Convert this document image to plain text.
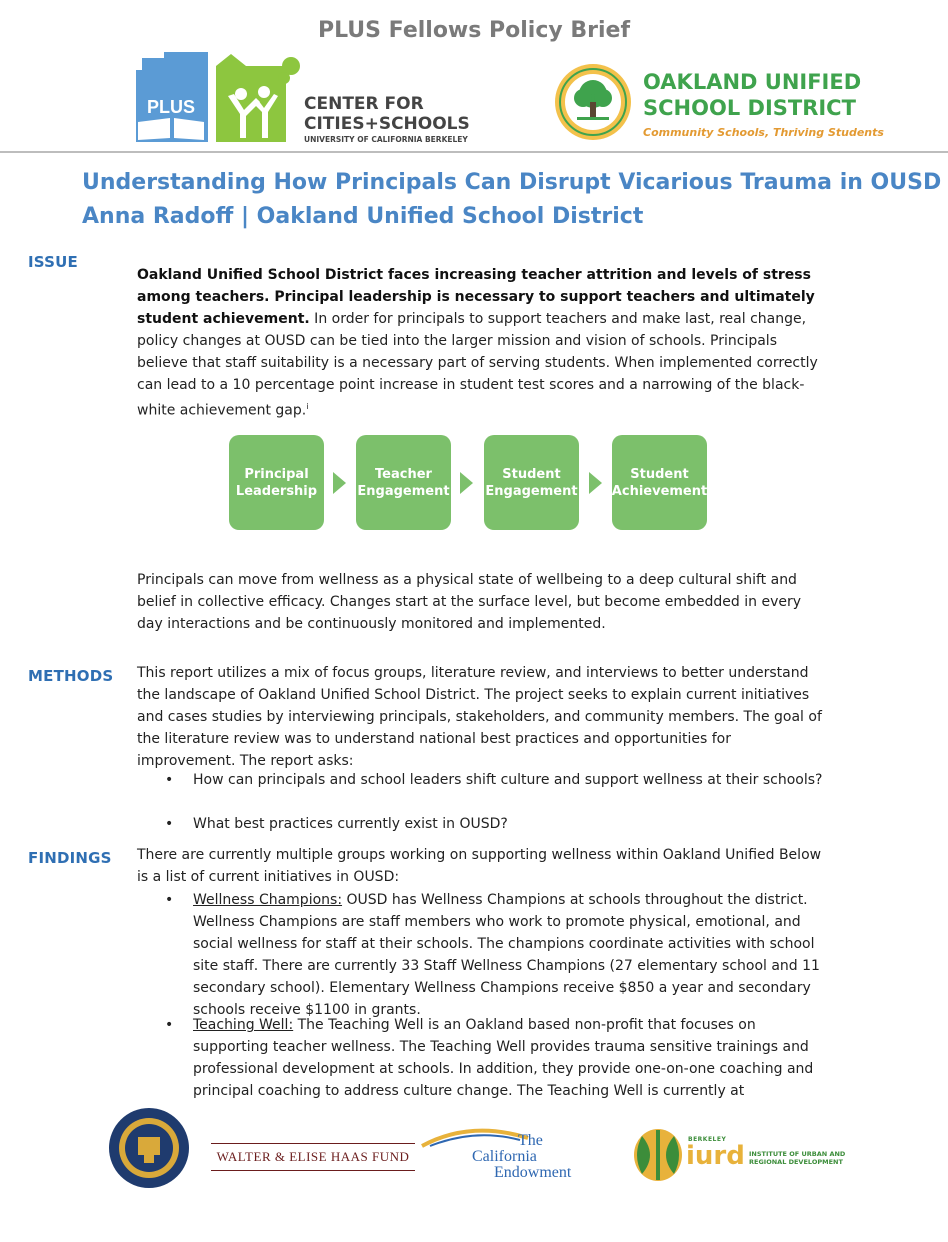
PLUS Fellows Policy Brief
PLUS	CENTER FOR
CITIES+SCHOOLS
UNIVERSITY OF CALIFORNIA BERKELEY
OAKLAND UNIFIED
SCHOOL DISTRICT
Community Schools, Thriving Students
Understanding How Principals Can Disrupt Vicarious Trauma in OUSD
Anna Radoff | Oakland Unified School District
ISSUE
Oakland Unified School District faces increasing teacher attrition and levels of stress among teachers. Principal leadership is necessary to support teachers and ultimately student achievement. In order for principals to support teachers and make last, real change, policy changes at OUSD can be tied into the larger mission and vision of schools. Principals believe that staff suitability is a necessary part of serving students. When implemented correctly can lead to a 10 percentage point increase in student test scores and a narrowing of the black-white achievement gap.$^i$
Principal
Leadership
Teacher
Engagement
Student
Engagement
Student
Achievement
Principals can move from wellness as a physical state of wellbeing to a deep cultural shift and belief in collective efficacy. Changes start at the surface level, but become embedded in every day interactions and be continuously monitored and implemented.
METHODS This report utilizes a mix of focus groups, literature review, and interviews to better understand the landscape of Oakland Unified School District. The project seeks to explain current initiatives and cases studies by interviewing principals, stakeholders, and community members. The goal of the literature review was to understand national best practices and opportunities for improvement. The report asks:
• How can principals and school leaders shift culture and support wellness at their schools?
• What best practices currently exist in OUSD?
FINDINGS There are currently multiple groups working on supporting wellness within Oakland Unified Below is a list of current initiatives in OUSD:
• Wellness Champions: OUSD has Wellness Champions at schools throughout the district. Wellness Champions are staff members who work to promote physical, emotional, and social wellness for staff at their schools. The champions coordinate activities with school site staff. There are currently 33 Staff Wellness Champions (27 elementary school and 11 secondary school). Elementary Wellness Champions receive $850 a year and secondary schools receive $1100 in grants.
• Teaching Well: The Teaching Well is an Oakland based non-profit that focuses on supporting teacher wellness. The Teaching Well provides trauma sensitive trainings and professional development at schools. In addition, they provide one-on-one coaching and principal coaching to address culture change. The Teaching Well is currently at
WALTER & ELISE HAAS FUND
The
California
Endowment
BERKELEY
iurd INSTITUTE OF URBAN AND
REGIONAL DEVELOPMENT
